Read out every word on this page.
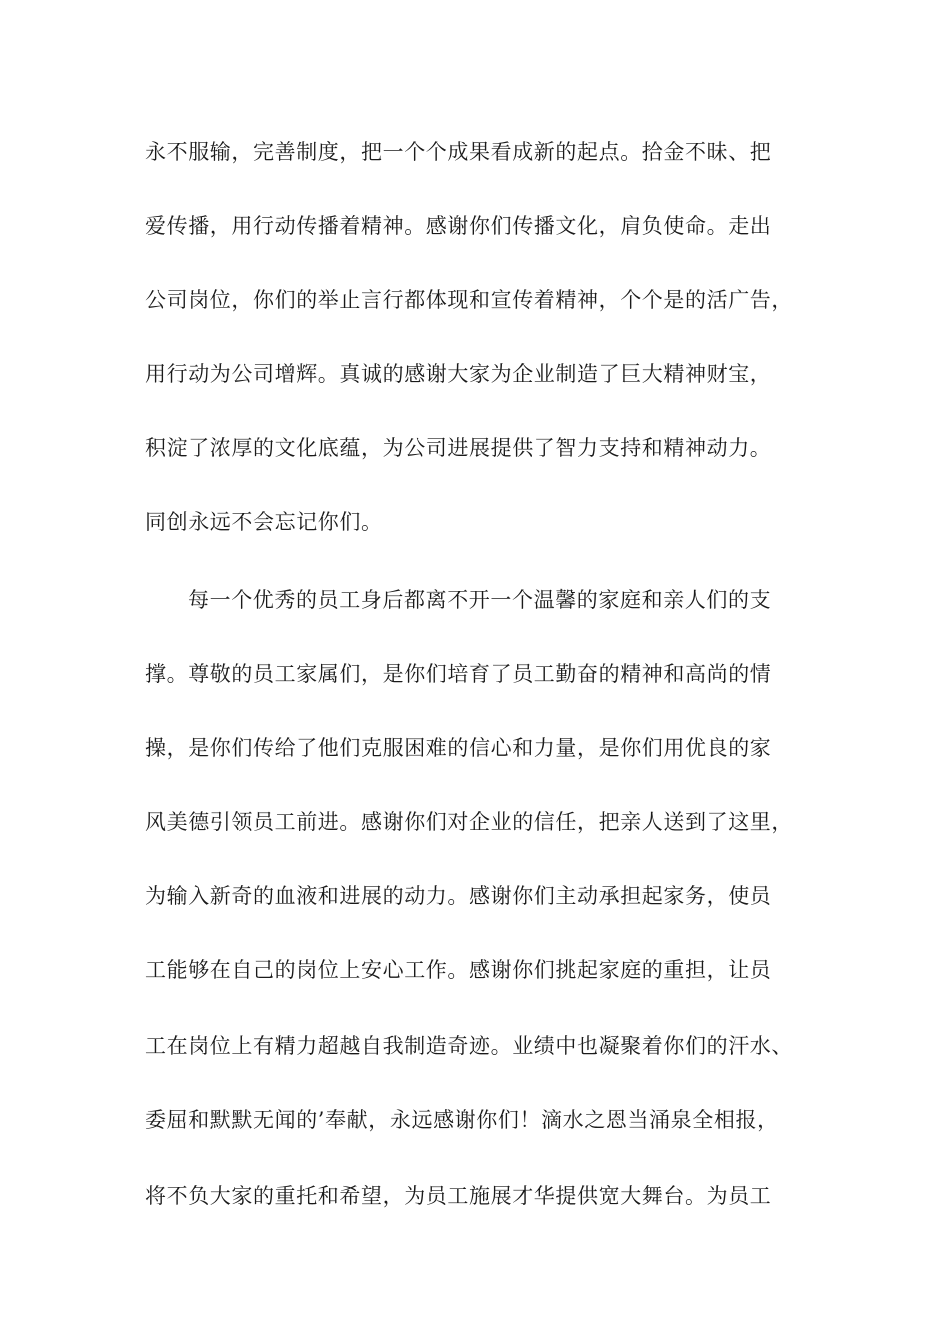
永不服输，完善制度，把一个个成果看成新的起点。拾金不昧、把
爱传播，用行动传播着精神。感谢你们传播文化，肩负使命。走出
公司岗位，你们的举止言行都体现和宣传着精神，个个是的活广告，
用行动为公司增辉。真诚的感谢大家为企业制造了巨大精神财宝，
积淀了浓厚的文化底蕴，为公司进展提供了智力支持和精神动力。
同创永远不会忘记你们。
每一个优秀的员工身后都离不开一个温馨的家庭和亲人们的支
撑。尊敬的员工家属们，是你们培育了员工勤奋的精神和高尚的情
操，是你们传给了他们克服困难的信心和力量，是你们用优良的家
风美德引领员工前进。感谢你们对企业的信任，把亲人送到了这里，
为输入新奇的血液和进展的动力。感谢你们主动承担起家务，使员
工能够在自己的岗位上安心工作。感谢你们挑起家庭的重担，让员
工在岗位上有精力超越自我制造奇迹。业绩中也凝聚着你们的汗水、
委屈和默默无闻的’奉献，永远感谢你们！滴水之恩当涌泉全相报，
将不负大家的重托和希望，为员工施展才华提供宽大舞台。为员工
